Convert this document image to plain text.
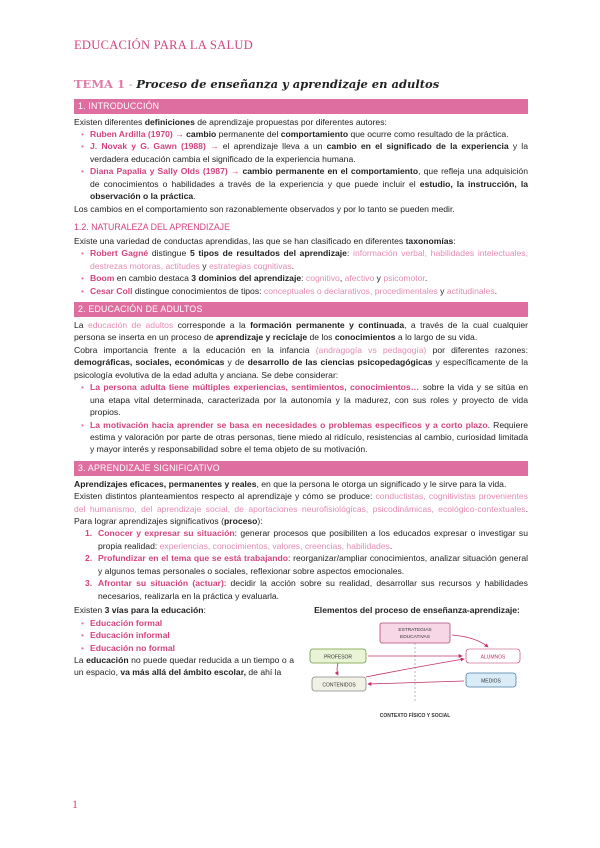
EDUCACIÓN PARA LA SALUD
TEMA 1 - Proceso de enseñanza y aprendizaje en adultos
1. INTRODUCCIÓN

Existen diferentes definiciones de aprendizaje propuestas por diferentes autores:

• Ruben Ardilla (1970) → cambio permanente del comportamiento que ocurre como resultado de la práctica.

• J. Novak y G. Gawn (1988) → el aprendizaje lleva a un cambio en el significado de la experiencia y la verdadera educación cambia el significado de la experiencia humana.

• Diana Papalia y Sally Olds (1987) → cambio permanente en el comportamiento, que refleja una adquisición de conocimientos o habilidades a través de la experiencia y que puede incluir el estudio, la instrucción, la observación o la práctica.

Los cambios en el comportamiento son razonablemente observados y por lo tanto se pueden medir.

1.2. NATURALEZA DEL APRENDIZAJE

Existe una variedad de conductas aprendidas, las que se han clasificado en diferentes taxonomías:

• Robert Gagné distingue 5 tipos de resultados del aprendizaje: información verbal, habilidades intelectuales, destrezas motoras, actitudes y estrategias cognitivas.

• Boom en cambio destaca 3 dominios del aprendizaje: cognitivo, afectivo y psicomotor.

• Cesar Coll distingue conocimientos de tipos: conceptuales o declarativos, procedimentales y actitudinales.

2. EDUCACIÓN DE ADULTOS

La educación de adultos corresponde a la formación permanente y continuada, a través de la cual cualquier persona se inserta en un proceso de aprendizaje y reciclaje de los conocimientos a lo largo de su vida.

Cobra importancia frente a la educación en la infancia (andragogía vs pedagogía) por diferentes razones: demográficas, sociales, económicas y de desarrollo de las ciencias psicopedagógicas y específicamente de la psicología evolutiva de la edad adulta y anciana. Se debe considerar:

• La persona adulta tiene múltiples experiencias, sentimientos, conocimientos… sobre la vida y se sitúa en una etapa vital determinada, caracterizada por la autonomía y la madurez, con sus roles y proyecto de vida propios.

• La motivación hacia aprender se basa en necesidades o problemas específicos y a corto plazo. Requiere estima y valoración por parte de otras personas, tiene miedo al ridículo, resistencias al cambio, curiosidad limitada y mayor interés y responsabilidad sobre el tema objeto de su motivación.

3. APRENDIZAJE SIGNIFICATIVO

Aprendizajes eficaces, permanentes y reales, en que la persona le otorga un significado y le sirve para la vida.

Existen distintos planteamientos respecto al aprendizaje y cómo se produce: conductistas, cognitivistas provenientes del humanismo, del aprendizaje social, de aportaciones neurofisiológicas, psicodinámicas, ecológico-contextuales. Para lograr aprendizajes significativos (proceso):

1. Conocer y expresar su situación: generar procesos que posibiliten a los educados expresar o investigar su propia realidad: experiencias, conocimientos, valores, creencias, habilidades.

2. Profundizar en el tema que se está trabajando: reorganizar/ampliar conocimientos, analizar situación general y algunos temas personales o sociales, reflexionar sobre aspectos emocionales.

3. Afrontar su situación (actuar): decidir la acción sobre su realidad, desarrollar sus recursos y habilidades necesarios, realizarla en la práctica y evaluarla.

Existen 3 vías para la educación:

• Educación formal

• Educación informal

• Educación no formal

La educación no puede quedar reducida a un tiempo o a un espacio, va más allá del ámbito escolar, de ahí la

Elementos del proceso de enseñanza-aprendizaje:
ESTRATEGIAS
EDUCATIVAS
PROFESOR	ALUMNOS
CONTENIDOS
MEDIOS
CONTEXTO FÍSICO Y SOCIAL
1
